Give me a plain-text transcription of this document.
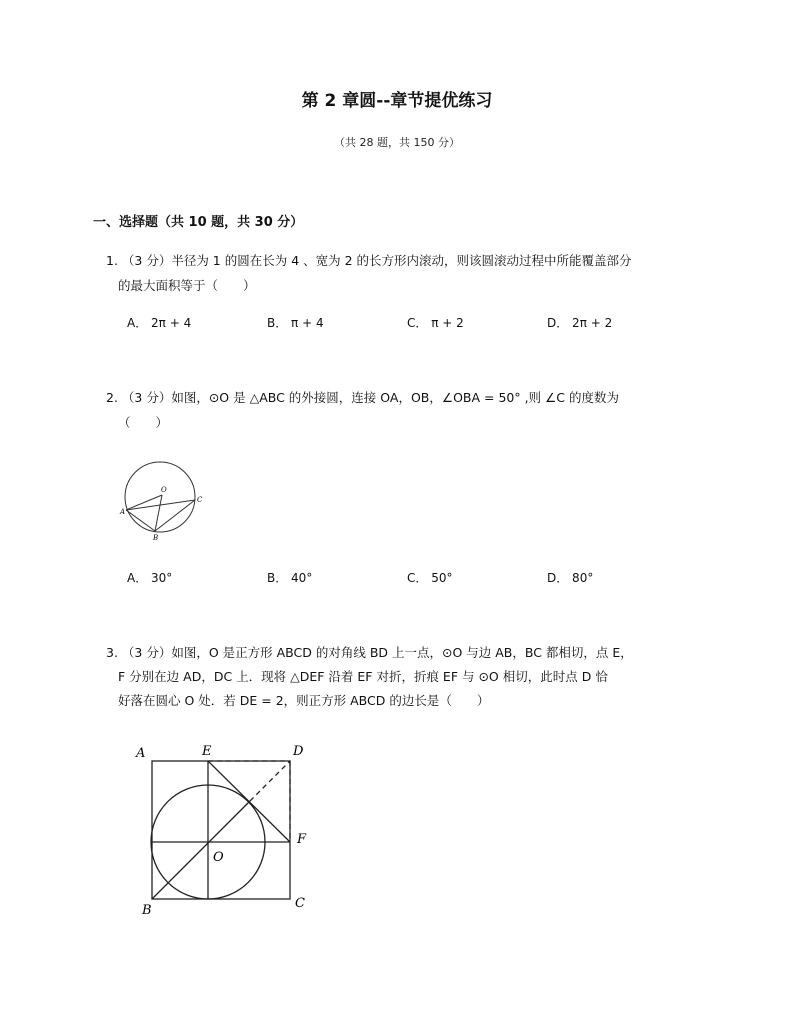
第 2 章圆--章节提优练习
（共 28 题，共 150 分）
一、选择题（共 10 题，共 30 分）
1. （3 分）半径为 1 的圆在长为 4 、宽为 2 的长方形内滚动，则该圆滚动过程中所能覆盖部分
的最大面积等于（　　）
A． 2π + 4	B． π + 4	C． π + 2	D． 2π + 2
2. （3 分）如图，⊙O 是 △ABC 的外接圆，连接 OA，OB，∠OBA = 50° ,则 ∠C 的度数为
（　　）
O
A
B
C
A． 30°	B． 40°	C． 50°	D． 80°
3. （3 分）如图，O 是正方形 ABCD 的对角线 BD 上一点，⊙O 与边 AB，BC 都相切，点 E，
F 分别在边 AD，DC 上．现将 △DEF 沿着 EF 对折，折痕 EF 与 ⊙O 相切，此时点 D 恰
好落在圆心 O 处．若 DE = 2，则正方形 ABCD 的边长是（　　）
A	E	D
F
O
B	C
